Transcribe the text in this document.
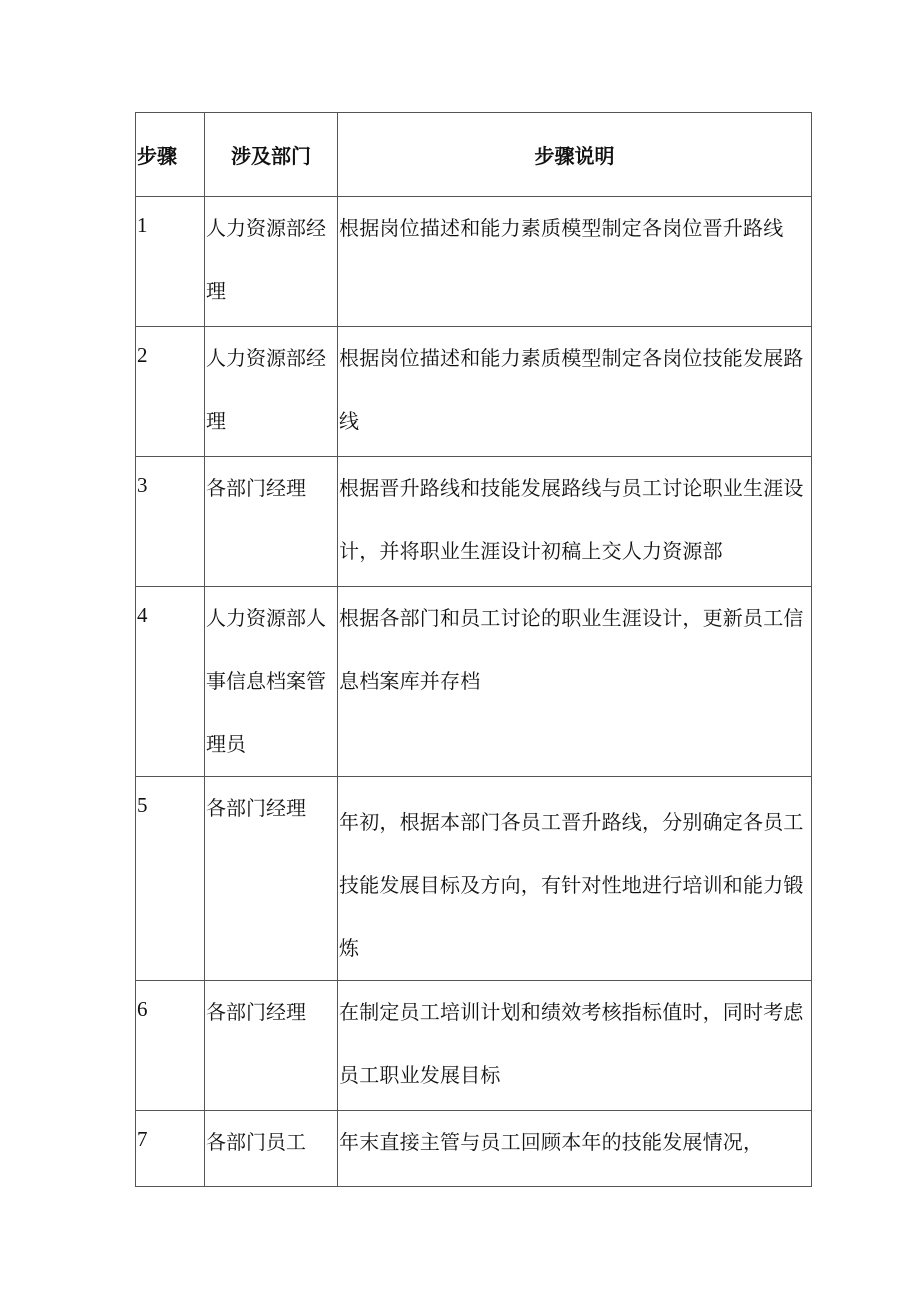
步骤	涉及部门	步骤说明

1	人力资源部经理	根据岗位描述和能力素质模型制定各岗位晋升路线

2	人力资源部经理	根据岗位描述和能力素质模型制定各岗位技能发展路线

3	各部门经理	根据晋升路线和技能发展路线与员工讨论职业生涯设计，并将职业生涯设计初稿上交人力资源部

4	人力资源部人事信息档案管理员	根据各部门和员工讨论的职业生涯设计，更新员工信息档案库并存档

5	各部门经理	年初，根据本部门各员工晋升路线，分别确定各员工技能发展目标及方向，有针对性地进行培训和能力锻炼

6	各部门经理	在制定员工培训计划和绩效考核指标值时，同时考虑员工职业发展目标

7	各部门员工	年末直接主管与员工回顾本年的技能发展情况，
